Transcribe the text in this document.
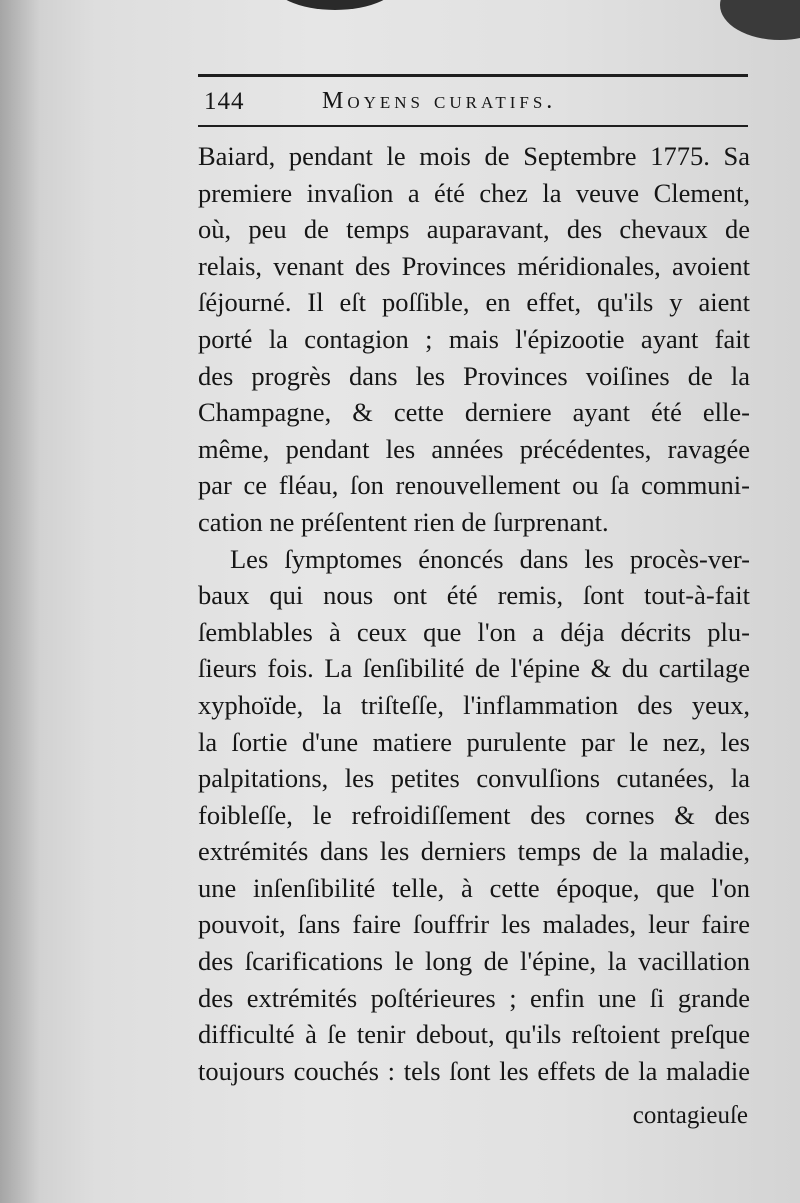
144	Moyens curatifs.
Baiard, pendant le mois de Septembre 1775. Sa
premiere invaſion a été chez la veuve Clement,
où, peu de temps auparavant, des chevaux de
relais, venant des Provinces méridionales, avoient
ſéjourné. Il eſt poſſible, en effet, qu'ils y aient
porté la contagion ; mais l'épizootie ayant fait
des progrès dans les Provinces voiſines de la
Champagne, & cette derniere ayant été elle-
même, pendant les années précédentes, ravagée
par ce fléau, ſon renouvellement ou ſa communi-
cation ne préſentent rien de ſurprenant.
Les ſymptomes énoncés dans les procès-ver-
baux qui nous ont été remis, ſont tout-à-fait
ſemblables à ceux que l'on a déja décrits plu-
ſieurs fois. La ſenſibilité de l'épine & du cartilage
xyphoïde, la triſteſſe, l'inflammation des yeux,
la ſortie d'une matiere purulente par le nez, les
palpitations, les petites convulſions cutanées, la
foibleſſe, le refroidiſſement des cornes & des
extrémités dans les derniers temps de la maladie,
une inſenſibilité telle, à cette époque, que l'on
pouvoit, ſans faire ſouffrir les malades, leur faire
des ſcarifications le long de l'épine, la vacillation
des extrémités poſtérieures ; enfin une ſi grande
difficulté à ſe tenir debout, qu'ils reſtoient preſque
toujours couchés : tels ſont les effets de la maladie
contagieuſe
